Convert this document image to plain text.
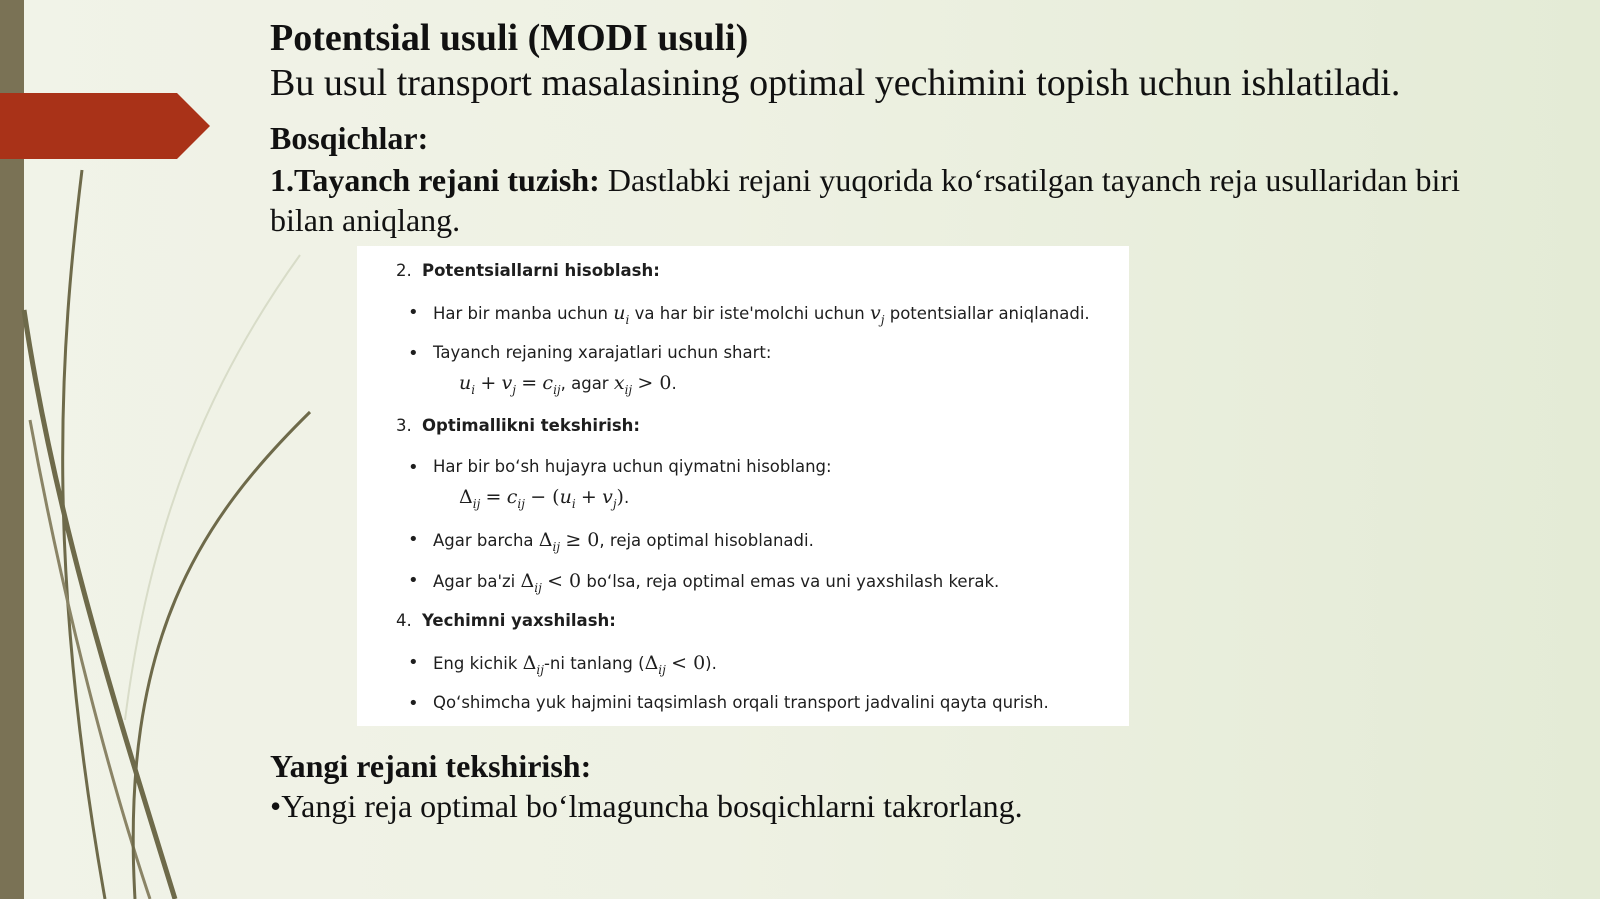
Potentsial usuli (MODI usuli)

Bu usul transport masalasining optimal yechimini topish uchun ishlatiladi.

Bosqichlar:

1.Tayanch rejani tuzish: Dastlabki rejani yuqorida koʻrsatilgan tayanch reja usullaridan biri bilan aniqlang.

2. Potentsiallarni hisoblash:
• Har bir manba uchun $u_i$ va har bir iste'molchi uchun $v_j$ potentsiallar aniqlanadi.
• Tayanch rejaning xarajatlari uchun shart:
$u_i + v_j = c_{ij}$, agar $x_{ij} > 0$.
3. Optimallikni tekshirish:
• Har bir bo‘sh hujayra uchun qiymatni hisoblang:
$\Delta_{ij} = c_{ij} - (u_i + v_j)$.
• Agar barcha $\Delta_{ij} \ge 0$, reja optimal hisoblanadi.
• Agar ba'zi $\Delta_{ij} < 0$ bo‘lsa, reja optimal emas va uni yaxshilash kerak.
4. Yechimni yaxshilash:
• Eng kichik $\Delta_{ij}-ni$ tanlang $(\Delta_{ij} < 0)$.
• Qo‘shimcha yuk hajmini taqsimlash orqali transport jadvalini qayta qurish.

Yangi rejani tekshirish:

•Yangi reja optimal boʻlmaguncha bosqichlarni takrorlang.
